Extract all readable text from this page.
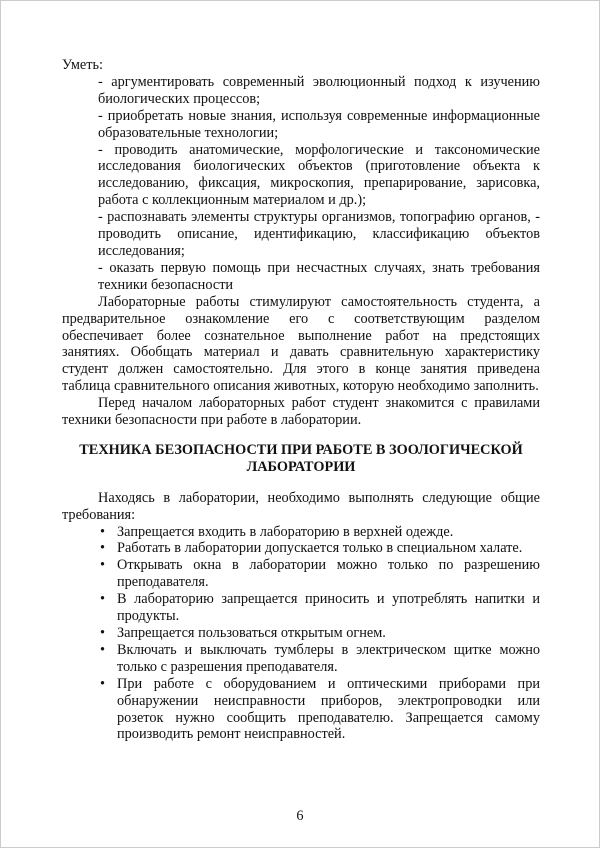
Уметь:

- аргументировать современный эволюционный подход к изучению биологических процессов;

- приобретать новые знания, используя современные информационные образовательные технологии;

- проводить анатомические, морфологические и таксономические исследования биологических объектов (приготовление объекта к исследованию, фиксация, микроскопия, препарирование, зарисовка, работа с коллекционным материалом и др.);

- распознавать элементы структуры организмов, топографию органов, - проводить описание, идентификацию, классификацию объектов исследования;

- оказать первую помощь при несчастных случаях, знать требования техники безопасности

Лабораторные работы стимулируют самостоятельность студента, а предварительное ознакомление его с соответствующим разделом обеспечивает более сознательное выполнение работ на предстоящих занятиях. Обобщать материал и давать сравнительную характеристику студент должен самостоятельно. Для этого в конце занятия приведена таблица сравнительного описания животных, которую необходимо заполнить.

Перед началом лабораторных работ студент знакомится с правилами техники безопасности при работе в лаборатории.

ТЕХНИКА БЕЗОПАСНОСТИ ПРИ РАБОТЕ В ЗООЛОГИЧЕСКОЙ ЛАБОРАТОРИИ

Находясь в лаборатории, необходимо выполнять следующие общие требования:

• Запрещается входить в лабораторию в верхней одежде.
• Работать в лаборатории допускается только в специальном халате.
• Открывать окна в лаборатории можно только по разрешению преподавателя.
• В лабораторию запрещается приносить и употреблять напитки и продукты.
• Запрещается пользоваться открытым огнем.
• Включать и выключать тумблеры в электрическом щитке можно только с разрешения преподавателя.
• При работе с оборудованием и оптическими приборами при обнаружении неисправности приборов, электропроводки или розеток нужно сообщить преподавателю. Запрещается самому производить ремонт неисправностей.
6
